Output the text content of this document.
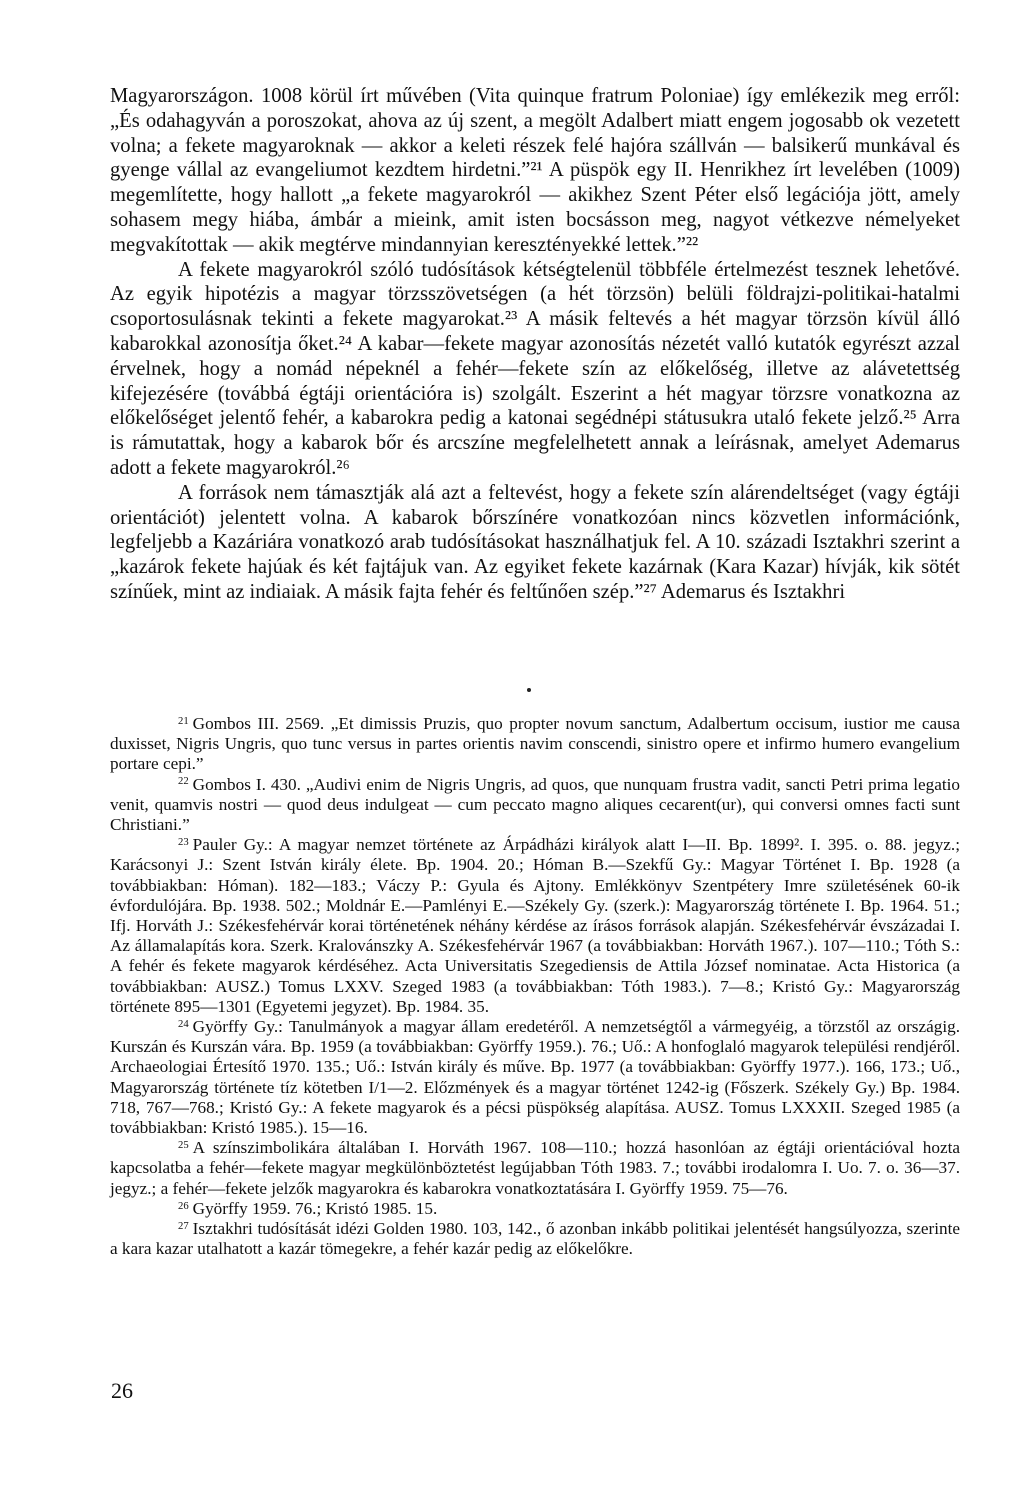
Magyarországon. 1008 körül írt művében (Vita quinque fratrum Poloniae) így emlékezik meg erről: „És odahagyván a poroszokat, ahova az új szent, a megölt Adalbert miatt engem jogosabb ok vezetett volna; a fekete magyaroknak — akkor a keleti részek felé hajóra szállván — balsikerű munkával és gyenge vállal az evangeliumot kezdtem hirdetni.”²¹ A püspök egy II. Henrikhez írt levelében (1009) megemlítette, hogy hallott „a fekete magyarokról — akikhez Szent Péter első legációja jött, amely sohasem megy hiába, ámbár a mieink, amit isten bocsásson meg, nagyot vétkezve némelyeket megvakítottak — akik megtérve mindannyian keresztényekké lettek.”²²

A fekete magyarokról szóló tudósítások kétségtelenül többféle értelmezést tesznek lehetővé. Az egyik hipotézis a magyar törzsszövetségen (a hét törzsön) belüli földrajzi-politikai-hatalmi csoportosulásnak tekinti a fekete magyarokat.²³ A másik feltevés a hét magyar törzsön kívül álló kabarokkal azonosítja őket.²⁴ A kabar—fekete magyar azonosítás nézetét valló kutatók egyrészt azzal érvelnek, hogy a nomád népeknél a fehér—fekete szín az előkelőség, illetve az alávetettség kifejezésére (továbbá égtáji orientációra is) szolgált. Eszerint a hét magyar törzsre vonatkozna az előkelőséget jelentő fehér, a kabarokra pedig a katonai segédnépi státusukra utaló fekete jelző.²⁵ Arra is rámutattak, hogy a kabarok bőr és arcszíne megfelelhetett annak a leírásnak, amelyet Ademarus adott a fekete magyarokról.²⁶

A források nem támasztják alá azt a feltevést, hogy a fekete szín alárendeltséget (vagy égtáji orientációt) jelentett volna. A kabarok bőrszínére vonatkozóan nincs közvetlen információnk, legfeljebb a Kazáriára vonatkozó arab tudósításokat használhatjuk fel. A 10. századi Isztakhri szerint a „kazárok fekete hajúak és két fajtájuk van. Az egyiket fekete kazárnak (Kara Kazar) hívják, kik sötét színűek, mint az indiaiak. A másik fajta fehér és feltűnően szép.”²⁷ Ademarus és Isztakhri

$^{21}$ Gombos III. 2569. „Et dimissis Pruzis, quo propter novum sanctum, Adalbertum occisum, iustior me causa duxisset, Nigris Ungris, quo tunc versus in partes orientis navim conscendi, sinistro opere et infirmo humero evangelium portare cepi.”

$^{22}$ Gombos I. 430. „Audivi enim de Nigris Ungris, ad quos, que nunquam frustra vadit, sancti Petri prima legatio venit, quamvis nostri — quod deus indulgeat — cum peccato magno aliques cecarent(ur), qui conversi omnes facti sunt Christiani.”

$^{23}$ Pauler Gy.: A magyar nemzet története az Árpádházi királyok alatt I—II. Bp. 1899². I. 395. o. 88. jegyz.; Karácsonyi J.: Szent István király élete. Bp. 1904. 20.; Hóman B.—Szekfű Gy.: Magyar Történet I. Bp. 1928 (a továbbiakban: Hóman). 182—183.; Váczy P.: Gyula és Ajtony. Emlékkönyv Szentpétery Imre születésének 60-ik évfordulójára. Bp. 1938. 502.; Moldnár E.—Pamlényi E.—Székely Gy. (szerk.): Magyarország története I. Bp. 1964. 51.; Ifj. Horváth J.: Székesfehérvár korai történetének néhány kérdése az írásos források alapján. Székesfehérvár évszázadai I. Az államalapítás kora. Szerk. Kralovánszky A. Székesfehérvár 1967 (a továbbiakban: Horváth 1967.). 107—110.; Tóth S.: A fehér és fekete magyarok kérdéséhez. Acta Universitatis Szegediensis de Attila József nominatae. Acta Historica (a továbbiakban: AUSZ.) Tomus LXXV. Szeged 1983 (a továbbiakban: Tóth 1983.). 7—8.; Kristó Gy.: Magyarország története 895—1301 (Egyetemi jegyzet). Bp. 1984. 35.

$^{24}$ Györffy Gy.: Tanulmányok a magyar állam eredetéről. A nemzetségtől a vármegyéig, a törzstől az országig. Kurszán és Kurszán vára. Bp. 1959 (a továbbiakban: Györffy 1959.). 76.; Uő.: A honfoglaló magyarok települési rendjéről. Archaeologiai Értesítő 1970. 135.; Uő.: István király és műve. Bp. 1977 (a továbbiakban: Györffy 1977.). 166, 173.; Uő., Magyarország története tíz kötetben I/1—2. Előzmények és a magyar történet 1242-ig (Főszerk. Székely Gy.) Bp. 1984. 718, 767—768.; Kristó Gy.: A fekete magyarok és a pécsi püspökség alapítása. AUSZ. Tomus LXXXII. Szeged 1985 (a továbbiakban: Kristó 1985.). 15—16.

$^{25}$ A színszimbolikára általában I. Horváth 1967. 108—110.; hozzá hasonlóan az égtáji orientációval hozta kapcsolatba a fehér—fekete magyar megkülönböztetést legújabban Tóth 1983. 7.; további irodalomra I. Uo. 7. o. 36—37. jegyz.; a fehér—fekete jelzők magyarokra és kabarokra vonatkoztatására I. Györffy 1959. 75—76.

$^{26}$ Györffy 1959. 76.; Kristó 1985. 15.

$^{27}$ Isztakhri tudósítását idézi Golden 1980. 103, 142., ő azonban inkább politikai jelentését hangsúlyozza, szerinte a kara kazar utalhatott a kazár tömegekre, a fehér kazár pedig az előkelőkre.

26
